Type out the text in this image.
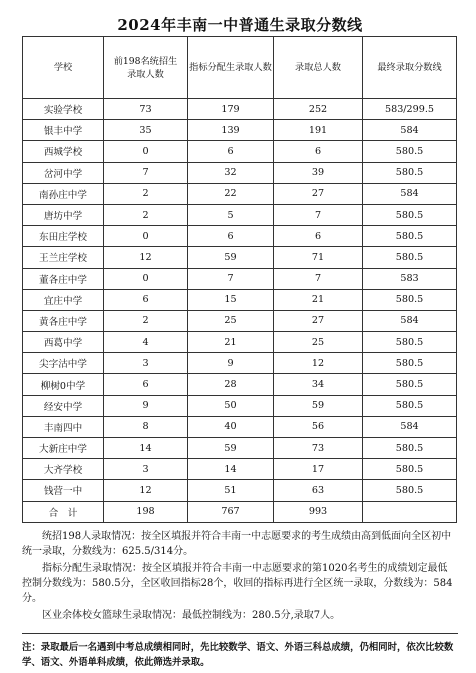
2024年丰南一中普通生录取分数线
学校	前198名统招生录取人数	指标分配生录取人数	录取总人数	最终录取分数线
实验学校	73	179	252	583/299.5
银丰中学	35	139	191	584
西城学校	0	6	6	580.5
岔河中学	7	32	39	580.5
南孙庄中学	2	22	27	584
唐坊中学	2	5	7	580.5
东田庄学校	0	6	6	580.5
王兰庄学校	12	59	71	580.5
董各庄中学	0	7	7	583
宜庄中学	6	15	21	580.5
黄各庄中学	2	25	27	584
西葛中学	4	21	25	580.5
尖字沽中学	3	9	12	580.5
柳树0中学	6	28	34	580.5
经安中学	9	50	59	580.5
丰南四中	8	40	56	584
大新庄中学	14	59	73	580.5
大齐学校	3	14	17	580.5
钱营一中	12	51	63	580.5
合　计	198	767	993	

统招198人录取情况：按全区填报并符合丰南一中志愿要求的考生成绩由高到低面向全区初中统一录取，分数线为：625.5/314分。

指标分配生录取情况：按全区填报并符合丰南一中志愿要求的第1020名考生的成绩划定最低控制分数线为：580.5分，全区收回指标28个，收回的指标再进行全区统一录取，分数线为：584分。

区业余体校女篮球生录取情况：最低控制线为：280.5分,录取7人。

注：录取最后一名遇到中考总成绩相同时，先比较数学、语文、外语三科总成绩，仍相同时，依次比较数学、语文、外语单科成绩，依此筛选并录取。
